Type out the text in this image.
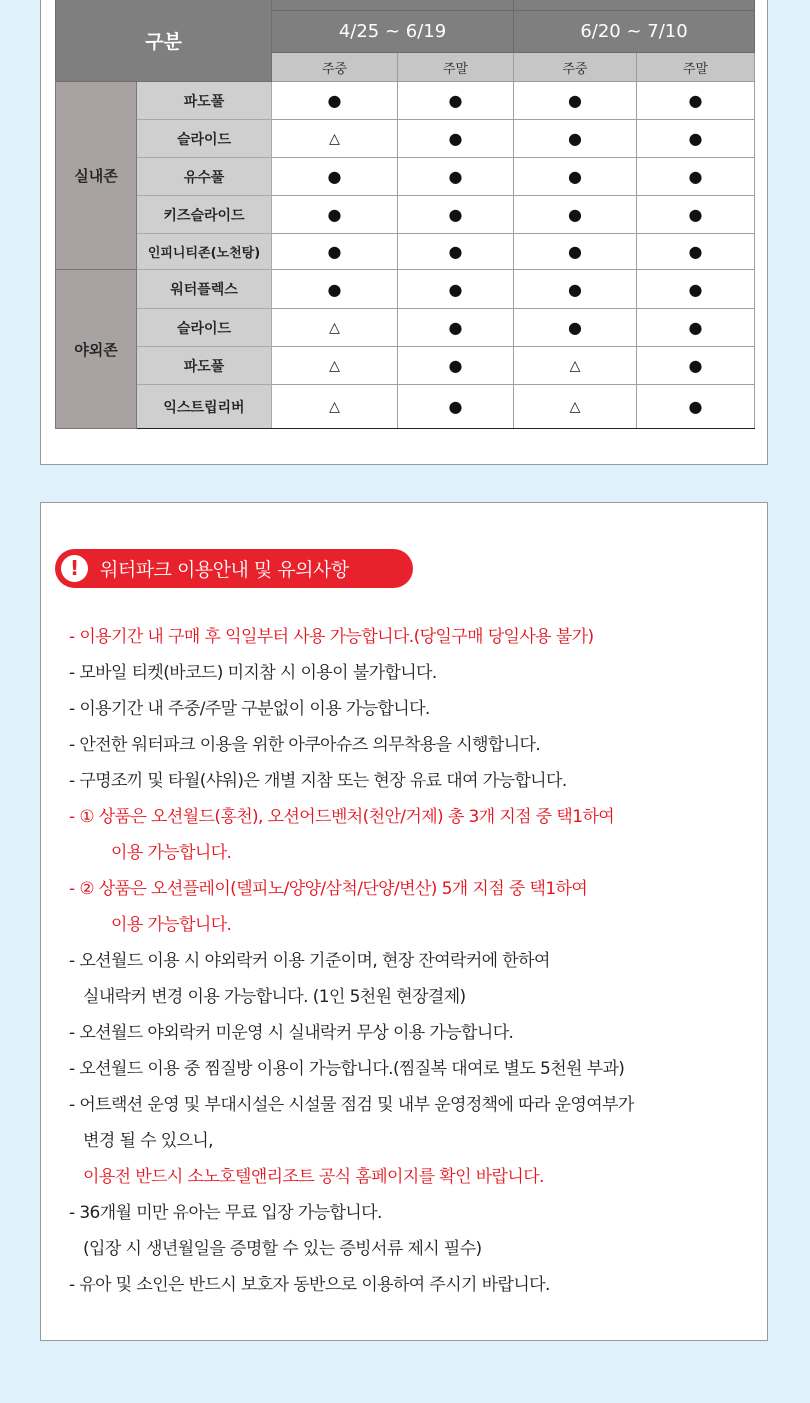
구분					
		4/25 ~ 6/19		6/20 ~ 7/10	
		주중	주말	주중	주말
실내존	파도풀	●	●	●	●
	슬라이드	△	●	●	●
	유수풀	●	●	●	●
	키즈슬라이드	●	●	●	●
	인피니티존(노천탕)	●	●	●	●
야외존	워터플렉스	●	●	●	●
	슬라이드	△	●	●	●
	파도풀	△	●	△	●
	익스트립리버	△	●	△	●
!	워터파크 이용안내 및 유의사항
- 이용기간 내 구매 후 익일부터 사용 가능합니다.(당일구매 당일사용 불가)
- 모바일 티켓(바코드) 미지참 시 이용이 불가합니다.
- 이용기간 내 주중/주말 구분없이 이용 가능합니다.
- 안전한 워터파크 이용을 위한 아쿠아슈즈 의무착용을 시행합니다.
- 구명조끼 및 타월(샤워)은 개별 지참 또는 현장 유료 대여 가능합니다.
- ① 상품은 오션월드(홍천), 오션어드벤처(천안/거제) 총 3개 지점 중 택1하여
이용 가능합니다.
- ② 상품은 오션플레이(델피노/양양/삼척/단양/변산) 5개 지점 중 택1하여
이용 가능합니다.
- 오션월드 이용 시 야외락커 이용 기준이며, 현장 잔여락커에 한하여
실내락커 변경 이용 가능합니다. (1인 5천원 현장결제)
- 오션월드 야외락커 미운영 시 실내락커 무상 이용 가능합니다.
- 오션월드 이용 중 찜질방 이용이 가능합니다.(찜질복 대여로 별도 5천원 부과)
- 어트랙션 운영 및 부대시설은 시설물 점검 및 내부 운영정책에 따라 운영여부가
변경 될 수 있으니,
이용전 반드시 소노호텔앤리조트 공식 홈페이지를 확인 바랍니다.
- 36개월 미만 유아는 무료 입장 가능합니다.
(입장 시 생년월일을 증명할 수 있는 증빙서류 제시 필수)
- 유아 및 소인은 반드시 보호자 동반으로 이용하여 주시기 바랍니다.
